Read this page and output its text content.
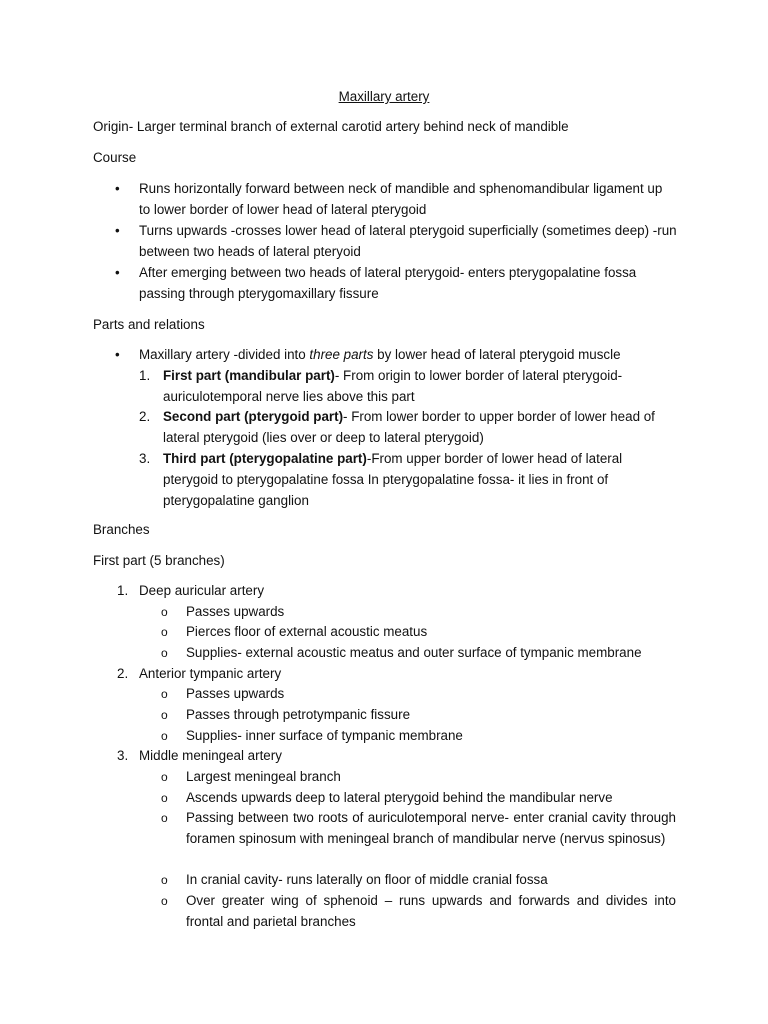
Maxillary artery
Origin- Larger terminal branch of external carotid artery behind neck of mandible
Course
• Runs horizontally forward between neck of mandible and sphenomandibular ligament up to lower border of lower head of lateral pterygoid
• Turns upwards -crosses lower head of lateral pterygoid superficially (sometimes deep) -run between two heads of lateral pteryoid
• After emerging between two heads of lateral pterygoid- enters pterygopalatine fossa passing through pterygomaxillary fissure
Parts and relations
• Maxillary artery -divided into three parts by lower head of lateral pterygoid muscle
1. First part (mandibular part)- From origin to lower border of lateral pterygoid- auriculotemporal nerve lies above this part
2. Second part (pterygoid part)- From lower border to upper border of lower head of lateral pterygoid (lies over or deep to lateral pterygoid)
3. Third part (pterygopalatine part)-From upper border of lower head of lateral pterygoid to pterygopalatine fossa In pterygopalatine fossa- it lies in front of pterygopalatine ganglion
Branches
First part (5 branches)
1. Deep auricular artery
o Passes upwards
o Pierces floor of external acoustic meatus
o Supplies- external acoustic meatus and outer surface of tympanic membrane
2. Anterior tympanic artery
o Passes upwards
o Passes through petrotympanic fissure
o Supplies- inner surface of tympanic membrane
3. Middle meningeal artery
o Largest meningeal branch
o Ascends upwards deep to lateral pterygoid behind the mandibular nerve
o Passing between two roots of auriculotemporal nerve- enter cranial cavity through foramen spinosum with meningeal branch of mandibular nerve (nervus spinosus)
o In cranial cavity- runs laterally on floor of middle cranial fossa
o Over greater wing of sphenoid – runs upwards and forwards and divides into frontal and parietal branches
